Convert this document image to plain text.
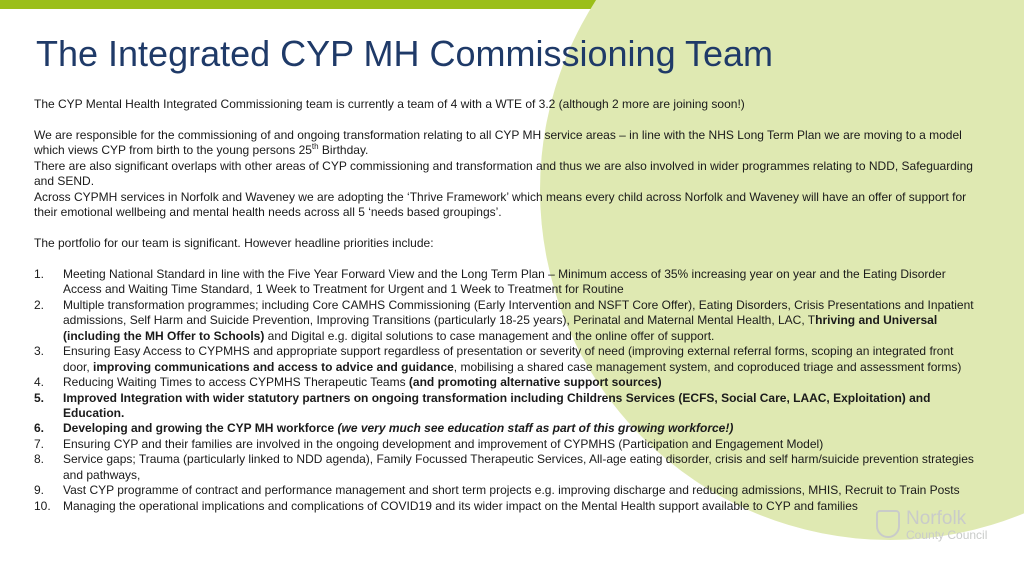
The Integrated CYP MH Commissioning Team

The CYP Mental Health Integrated Commissioning team is currently a team of 4 with a WTE of 3.2 (although 2 more are joining soon!)

We are responsible for the commissioning of and ongoing transformation relating to all CYP MH service areas – in line with the NHS Long Term Plan we are moving to a model which views CYP from birth to the young persons 25th Birthday.

There are also significant overlaps with other areas of CYP commissioning and transformation and thus we are also involved in wider programmes relating to NDD, Safeguarding and SEND.

Across CYPMH services in Norfolk and Waveney we are adopting the ‘Thrive Framework’ which means every child across Norfolk and Waveney will have an offer of support for their emotional wellbeing and mental health needs across all 5 ‘needs based groupings’.

The portfolio for our team is significant. However headline priorities include:

1. Meeting National Standard in line with the Five Year Forward View and the Long Term Plan – Minimum access of 35% increasing year on year and the Eating Disorder Access and Waiting Time Standard, 1 Week to Treatment for Urgent and 1 Week to Treatment for Routine
2. Multiple transformation programmes; including Core CAMHS Commissioning (Early Intervention and NSFT Core Offer), Eating Disorders, Crisis Presentations and Inpatient admissions, Self Harm and Suicide Prevention, Improving Transitions (particularly 18-25 years), Perinatal and Maternal Mental Health, LAC, Thriving and Universal (including the MH Offer to Schools) and Digital e.g. digital solutions to case management and the online offer of support.
3. Ensuring Easy Access to CYPMHS and appropriate support regardless of presentation or severity of need (improving external referral forms, scoping an integrated front door, improving communications and access to advice and guidance, mobilising a shared case management system, and coproduced triage and assessment forms)
4. Reducing Waiting Times to access CYPMHS Therapeutic Teams (and promoting alternative support sources)
5. Improved Integration with wider statutory partners on ongoing transformation including Childrens Services (ECFS, Social Care, LAAC, Exploitation) and Education.
6. Developing and growing the CYP MH workforce (we very much see education staff as part of this growing workforce!)
7. Ensuring CYP and their families are involved in the ongoing development and improvement of CYPMHS (Participation and Engagement Model)
8. Service gaps; Trauma (particularly linked to NDD agenda), Family Focussed Therapeutic Services, All-age eating disorder, crisis and self harm/suicide prevention strategies and pathways,
9. Vast CYP programme of contract and performance management and short term projects e.g. improving discharge and reducing admissions, MHIS, Recruit to Train Posts
10. Managing the operational implications and complications of COVID19 and its wider impact on the Mental Health support available to CYP and families
Norfolk
County Council
